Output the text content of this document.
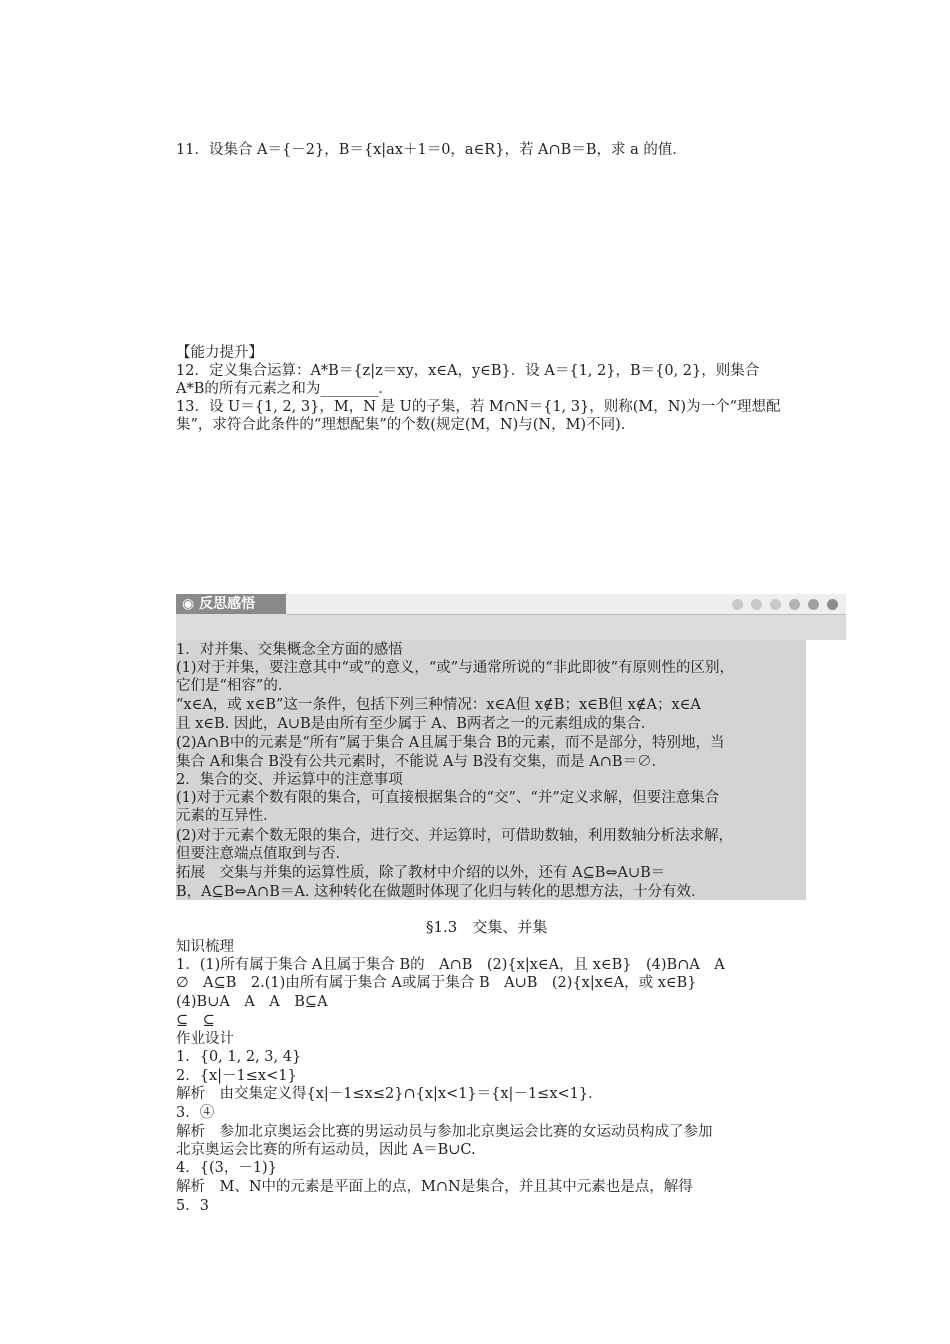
11．设集合 A＝{－2}，B＝{x|ax＋1＝0，a∈R}，若 A∩B＝B，求 a 的值．
【能力提升】
12．定义集合运算：A*B＝{z|z＝xy，x∈A，y∈B}．设 A＝{1, 2}，B＝{0, 2}，则集合
A*B的所有元素之和为________．
13．设 U＝{1, 2, 3}，M，N 是 U的子集，若 M∩N＝{1, 3}，则称(M，N)为一个“理想配
集”，求符合此条件的“理想配集”的个数(规定(M，N)与(N，M)不同)．
◉ 反思感悟
1．对并集、交集概念全方面的感悟
(1)对于并集，要注意其中“或”的意义，“或”与通常所说的“非此即彼”有原则性的区别，
它们是“相容”的．
“x∈A，或 x∈B”这一条件，包括下列三种情况：x∈A但 x∉B；x∈B但 x∉A；x∈A
且 x∈B. 因此，A∪B是由所有至少属于 A、B两者之一的元素组成的集合．
(2)A∩B中的元素是“所有”属于集合 A且属于集合 B的元素，而不是部分，特别地，当
集合 A和集合 B没有公共元素时，不能说 A与 B没有交集，而是 A∩B＝∅．
2．集合的交、并运算中的注意事项
(1)对于元素个数有限的集合，可直接根据集合的“交”、“并”定义求解，但要注意集合
元素的互异性．
(2)对于元素个数无限的集合，进行交、并运算时，可借助数轴，利用数轴分析法求解，
但要注意端点值取到与否．
拓展　交集与并集的运算性质，除了教材中介绍的以外，还有 A⊆B⇔A∪B＝
B，A⊆B⇔A∩B＝A. 这种转化在做题时体现了化归与转化的思想方法，十分有效．
§1.3　交集、并集
知识梳理
1．(1)所有属于集合 A且属于集合 B的　A∩B　(2){x|x∈A，且 x∈B}　(4)B∩A　A
∅　A⊆B　2.(1)由所有属于集合 A或属于集合 B　A∪B　(2){x|x∈A，或 x∈B}
(4)B∪A　A　A　B⊆A
⊆　⊆
作业设计
1．{0, 1, 2, 3, 4}
2．{x|－1≤x<1}
解析　由交集定义得{x|－1≤x≤2}∩{x|x<1}＝{x|－1≤x<1}．
3．④
解析　参加北京奥运会比赛的男运动员与参加北京奥运会比赛的女运动员构成了参加
北京奥运会比赛的所有运动员，因此 A＝B∪C.
4．{(3，－1)}
解析　M、N中的元素是平面上的点，M∩N是集合，并且其中元素也是点，解得
5．3
